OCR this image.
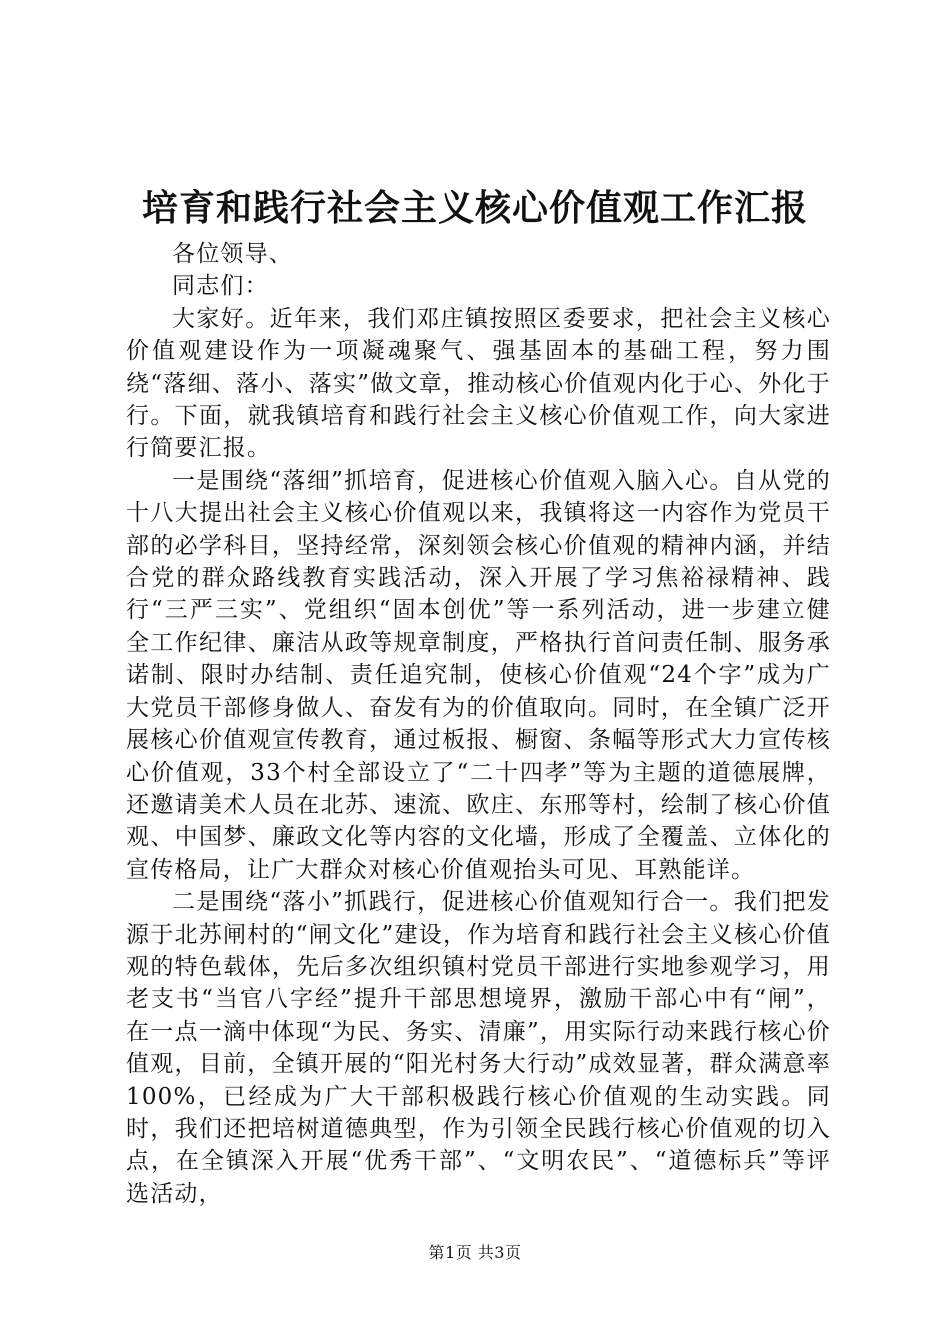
培育和践行社会主义核心价值观工作汇报

各位领导、

同志们：

大家好。近年来，我们邓庄镇按照区委要求，把社会主义核心价值观建设作为一项凝魂聚气、强基固本的基础工程，努力围绕“落细、落小、落实”做文章，推动核心价值观内化于心、外化于行。下面，就我镇培育和践行社会主义核心价值观工作，向大家进行简要汇报。

一是围绕“落细”抓培育，促进核心价值观入脑入心。自从党的十八大提出社会主义核心价值观以来，我镇将这一内容作为党员干部的必学科目，坚持经常，深刻领会核心价值观的精神内涵，并结合党的群众路线教育实践活动，深入开展了学习焦裕禄精神、践行“三严三实”、党组织“固本创优”等一系列活动，进一步建立健全工作纪律、廉洁从政等规章制度，严格执行首问责任制、服务承诺制、限时办结制、责任追究制，使核心价值观“24个字”成为广大党员干部修身做人、奋发有为的价值取向。同时，在全镇广泛开展核心价值观宣传教育，通过板报、橱窗、条幅等形式大力宣传核心价值观，33个村全部设立了“二十四孝”等为主题的道德展牌，还邀请美术人员在北苏、速流、欧庄、东邢等村，绘制了核心价值观、中国梦、廉政文化等内容的文化墙，形成了全覆盖、立体化的宣传格局，让广大群众对核心价值观抬头可见、耳熟能详。

二是围绕“落小”抓践行，促进核心价值观知行合一。我们把发源于北苏闸村的“闸文化”建设，作为培育和践行社会主义核心价值观的特色载体，先后多次组织镇村党员干部进行实地参观学习，用老支书“当官八字经”提升干部思想境界，激励干部心中有“闸”，在一点一滴中体现“为民、务实、清廉”，用实际行动来践行核心价值观，目前，全镇开展的“阳光村务大行动”成效显著，群众满意率100%，已经成为广大干部积极践行核心价值观的生动实践。同时，我们还把培树道德典型，作为引领全民践行核心价值观的切入点，在全镇深入开展“优秀干部”、“文明农民”、“道德标兵”等评选活动，

第1页 共3页
